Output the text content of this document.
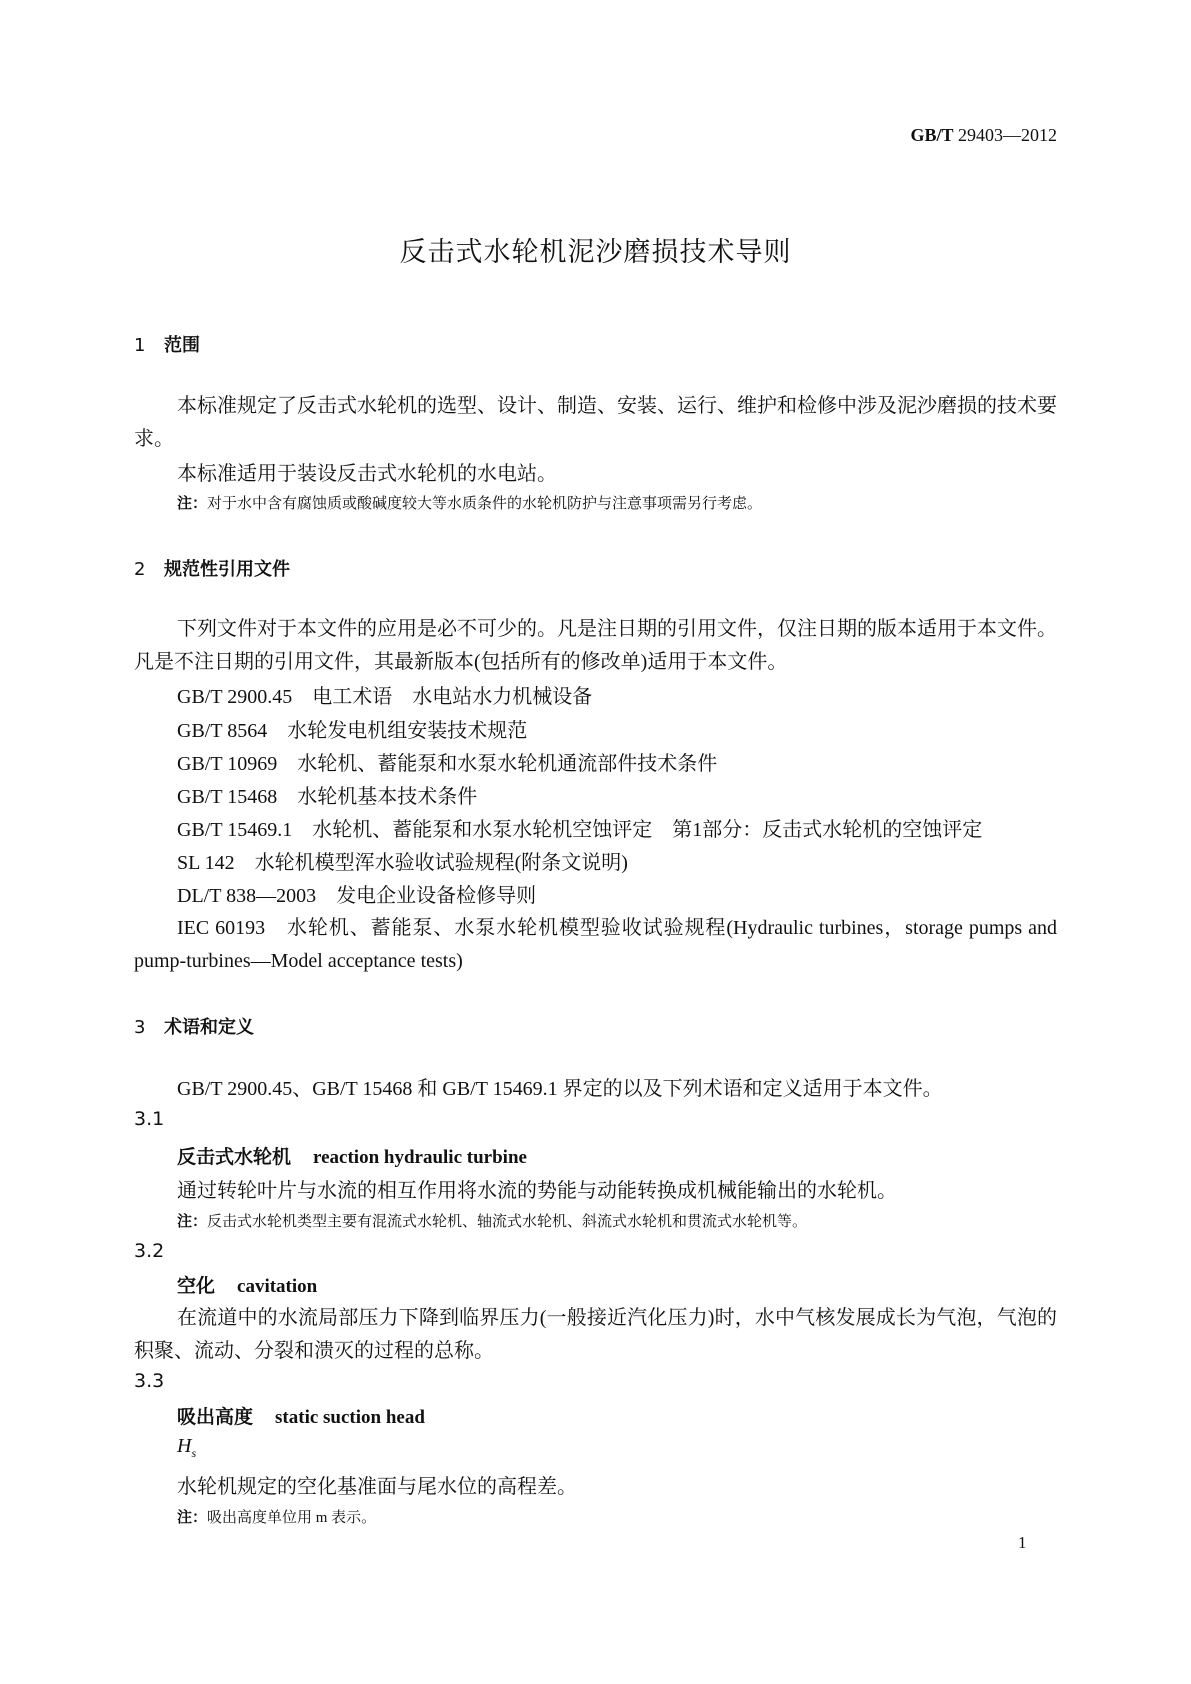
GB/T 29403—2012
反击式水轮机泥沙磨损技术导则
1 范围
本标准规定了反击式水轮机的选型、设计、制造、安装、运行、维护和检修中涉及泥沙磨损的技术要求。
本标准适用于装设反击式水轮机的水电站。
注：对于水中含有腐蚀质或酸碱度较大等水质条件的水轮机防护与注意事项需另行考虑。
2 规范性引用文件
下列文件对于本文件的应用是必不可少的。凡是注日期的引用文件，仅注日期的版本适用于本文件。凡是不注日期的引用文件，其最新版本(包括所有的修改单)适用于本文件。
GB/T 2900.45 电工术语　水电站水力机械设备
GB/T 8564 水轮发电机组安装技术规范
GB/T 10969 水轮机、蓄能泵和水泵水轮机通流部件技术条件
GB/T 15468 水轮机基本技术条件
GB/T 15469.1 水轮机、蓄能泵和水泵水轮机空蚀评定　第1部分：反击式水轮机的空蚀评定
SL 142 水轮机模型浑水验收试验规程(附条文说明)
DL/T 838—2003 发电企业设备检修导则
IEC 60193　水轮机、蓄能泵、水泵水轮机模型验收试验规程(Hydraulic turbines，storage pumps and pump-turbines—Model acceptance tests)
3 术语和定义
GB/T 2900.45、GB/T 15468 和 GB/T 15469.1 界定的以及下列术语和定义适用于本文件。
3.1
反击式水轮机 reaction hydraulic turbine
通过转轮叶片与水流的相互作用将水流的势能与动能转换成机械能输出的水轮机。
注：反击式水轮机类型主要有混流式水轮机、轴流式水轮机、斜流式水轮机和贯流式水轮机等。
3.2
空化 cavitation
在流道中的水流局部压力下降到临界压力(一般接近汽化压力)时，水中气核发展成长为气泡，气泡的积聚、流动、分裂和溃灭的过程的总称。
3.3
吸出高度 static suction head
$H_s$
水轮机规定的空化基准面与尾水位的高程差。
注：吸出高度单位用 m 表示。
1
